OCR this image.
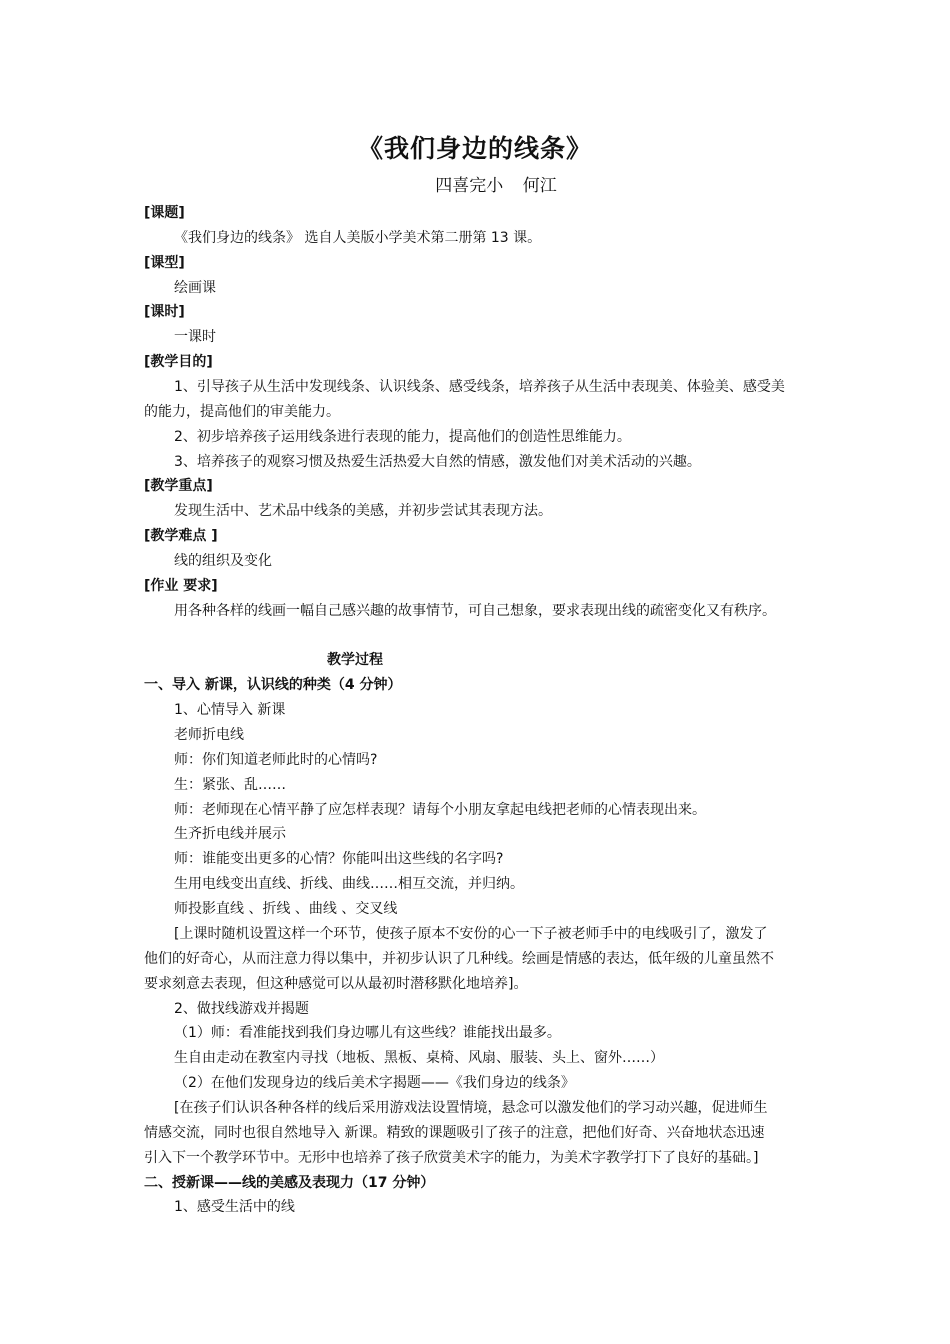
《我们身边的线条》
四喜完小 何江
[课题]
《我们身边的线条》 选自人美版小学美术第二册第 13 课。
[课型]
绘画课
[课时]
一课时
[教学目的]
1、引导孩子从生活中发现线条、认识线条、感受线条，培养孩子从生活中表现美、体验美、感受美
的能力，提高他们的审美能力。
2、初步培养孩子运用线条进行表现的能力，提高他们的创造性思维能力。
3、培养孩子的观察习惯及热爱生活热爱大自然的情感，激发他们对美术活动的兴趣。
[教学重点]
发现生活中、艺术品中线条的美感，并初步尝试其表现方法。
[教学难点 ]
线的组织及变化
[作业 要求]
用各种各样的线画一幅自己感兴趣的故事情节，可自己想象，要求表现出线的疏密变化又有秩序。
教学过程
一、导入 新课，认识线的种类（4 分钟）
1、心情导入 新课
老师折电线
师：你们知道老师此时的心情吗?
生：紧张、乱……
师：老师现在心情平静了应怎样表现？请每个小朋友拿起电线把老师的心情表现出来。
生齐折电线并展示
师：谁能变出更多的心情？你能叫出这些线的名字吗?
生用电线变出直线、折线、曲线……相互交流，并归纳。
师投影直线 、折线 、曲线 、交叉线
[上课时随机设置这样一个环节，使孩子原本不安份的心一下子被老师手中的电线吸引了，激发了
他们的好奇心，从而注意力得以集中，并初步认识了几种线。绘画是情感的表达，低年级的儿童虽然不
要求刻意去表现，但这种感觉可以从最初时潜移默化地培养]。
2、做找线游戏并揭题
（1）师：看准能找到我们身边哪儿有这些线？谁能找出最多。
生自由走动在教室内寻找（地板、黑板、桌椅、风扇、服装、头上、窗外……）
（2）在他们发现身边的线后美术字揭题——《我们身边的线条》
[在孩子们认识各种各样的线后采用游戏法设置情境，悬念可以激发他们的学习动兴趣，促进师生
情感交流，同时也很自然地导入 新课。精致的课题吸引了孩子的注意，把他们好奇、兴奋地状态迅速
引入下一个教学环节中。无形中也培养了孩子欣赏美术字的能力，为美术字教学打下了良好的基础。]
二、授新课——线的美感及表现力（17 分钟）
1、感受生活中的线
